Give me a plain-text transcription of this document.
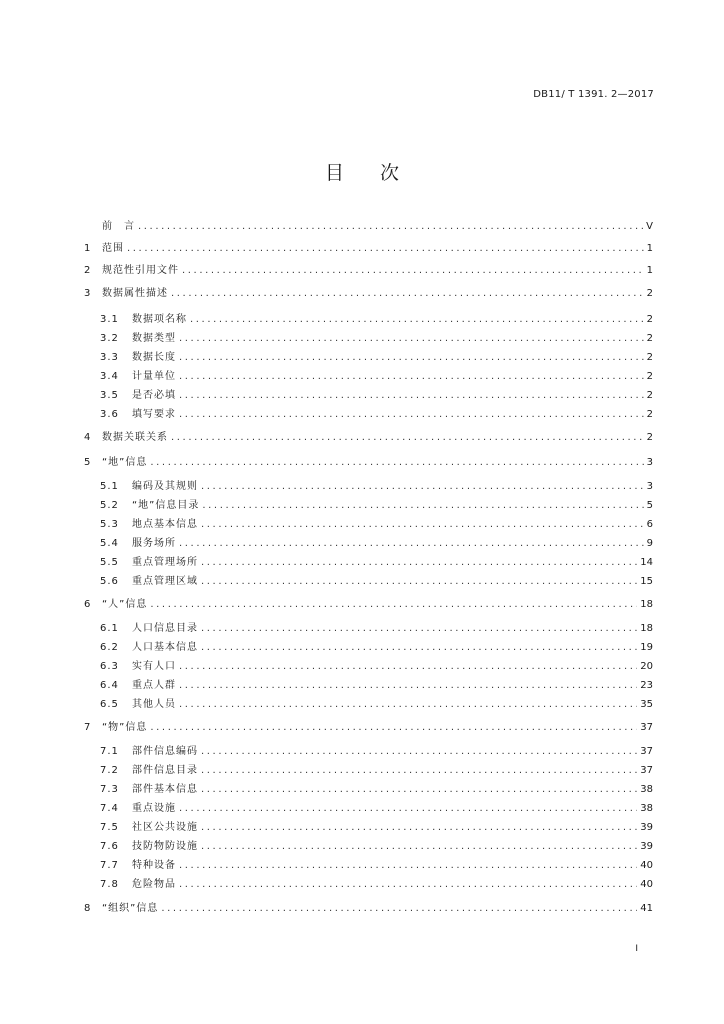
DB11/ T 1391. 2—2017
目 次
前　言 .....	V
1	范围 .....	1
2	规范性引用文件 .....	1
3	数据属性描述 .....	2
3.1	数据项名称 .....	2
3.2	数据类型 .....	2
3.3	数据长度 .....	2
3.4	计量单位 .....	2
3.5	是否必填 .....	2
3.6	填写要求 .....	2
4	数据关联关系 .....	2
5	“地”信息 .....	3
5.1	编码及其规则 .....	3
5.2	“地”信息目录 .....	5
5.3	地点基本信息 .....	6
5.4	服务场所 .....	9
5.5	重点管理场所 .....	14
5.6	重点管理区域 .....	15
6	“人”信息 .....	18
6.1	人口信息目录 .....	18
6.2	人口基本信息 .....	19
6.3	实有人口 .....	20
6.4	重点人群 .....	23
6.5	其他人员 .....	35
7	“物”信息 .....	37
7.1	部件信息编码 .....	37
7.2	部件信息目录 .....	37
7.3	部件基本信息 .....	38
7.4	重点设施 .....	38
7.5	社区公共设施 .....	39
7.6	技防物防设施 .....	39
7.7	特种设备 .....	40
7.8	危险物品 .....	40
8	“组织”信息 .....	41
I
